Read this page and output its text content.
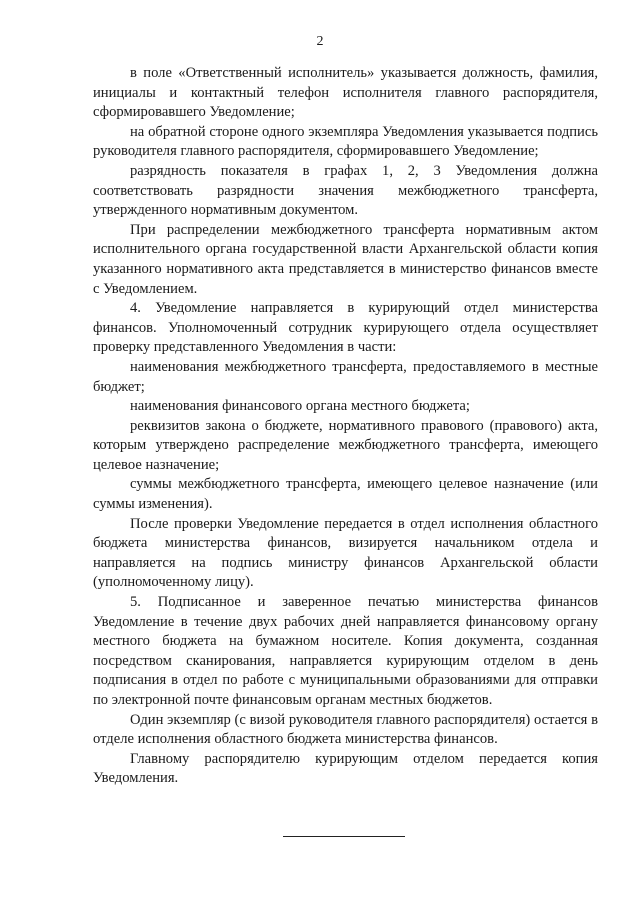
2

в поле «Ответственный исполнитель» указывается должность, фамилия, инициалы и контактный телефон исполнителя главного распорядителя, сформировавшего Уведомление;

на обратной стороне одного экземпляра Уведомления указывается подпись руководителя главного распорядителя, сформировавшего Уведомление;

разрядность показателя в графах 1, 2, 3 Уведомления должна соответствовать разрядности значения межбюджетного трансферта, утвержденного нормативным документом.

При распределении межбюджетного трансферта нормативным актом исполнительного органа государственной власти Архангельской области копия указанного нормативного акта представляется в министерство финансов вместе с Уведомлением.

4. Уведомление направляется в курирующий отдел министерства финансов. Уполномоченный сотрудник курирующего отдела осуществляет проверку представленного Уведомления в части:

наименования межбюджетного трансферта, предоставляемого в местные бюджет;

наименования финансового органа местного бюджета;

реквизитов закона о бюджете, нормативного правового (правового) акта, которым утверждено распределение межбюджетного трансферта, имеющего целевое назначение;

суммы межбюджетного трансферта, имеющего целевое назначение (или суммы изменения).

После проверки Уведомление передается в отдел исполнения областного бюджета министерства финансов, визируется начальником отдела и направляется на подпись министру финансов Архангельской области (уполномоченному лицу).

5. Подписанное и заверенное печатью министерства финансов Уведомление в течение двух рабочих дней направляется финансовому органу местного бюджета на бумажном носителе. Копия документа, созданная посредством сканирования, направляется курирующим отделом в день подписания в отдел по работе с муниципальными образованиями для отправки по электронной почте финансовым органам местных бюджетов.

Один экземпляр (с визой руководителя главного распорядителя) остается в отделе исполнения областного бюджета министерства финансов.

Главному распорядителю курирующим отделом передается копия Уведомления.
